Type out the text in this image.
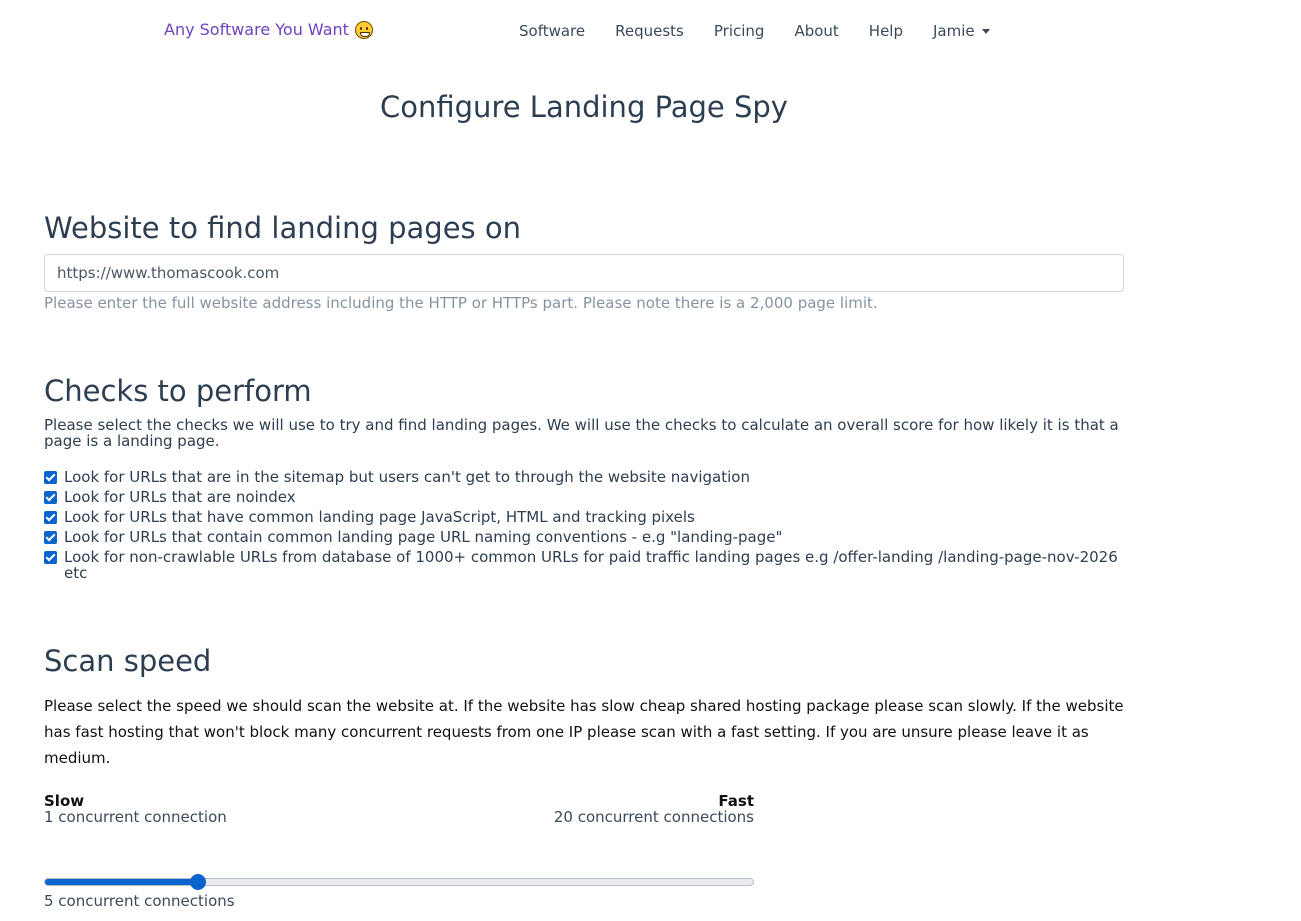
Any Software You Want	Software	Requests	Pricing	About	Help	Jamie
Configure Landing Page Spy
Website to find landing pages on
https://www.thomascook.com
Please enter the full website address including the HTTP or HTTPs part. Please note there is a 2,000 page limit.
Checks to perform

Please select the checks we will use to try and find landing pages. We will use the checks to calculate an overall score for how likely it is that a page is a landing page.

Look for URLs that are in the sitemap but users can't get to through the website navigation
Look for URLs that are noindex
Look for URLs that have common landing page JavaScript, HTML and tracking pixels
Look for URLs that contain common landing page URL naming conventions - e.g "landing-page"
Look for non-crawlable URLs from database of 1000+ common URLs for paid traffic landing pages e.g /offer-landing /landing-page-nov-2026 etc
Scan speed

Please select the speed we should scan the website at. If the website has slow cheap shared hosting package please scan slowly. If the website has fast hosting that won't block many concurrent requests from one IP please scan with a fast setting. If you are unsure please leave it as medium.

Slow
1 concurrent connection
Fast
20 concurrent connections
5 concurrent connections
